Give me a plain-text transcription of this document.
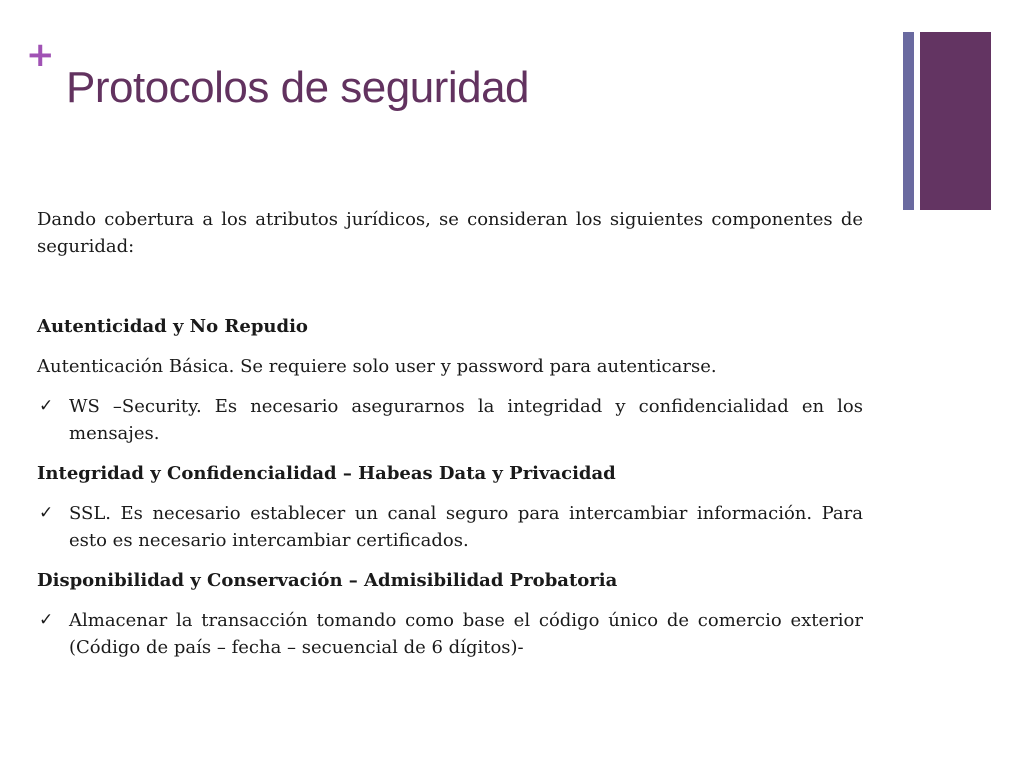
+
Protocolos de seguridad

Dando cobertura a los atributos jurídicos, se consideran los siguientes componentes de seguridad:

Autenticidad y No Repudio

Autenticación Básica. Se requiere solo user y password para autenticarse.

✓ WS –Security. Es necesario asegurarnos la integridad y confidencialidad en los mensajes.

Integridad y Confidencialidad – Habeas Data y Privacidad

✓ SSL. Es necesario establecer un canal seguro para intercambiar información. Para esto es necesario intercambiar certificados.

Disponibilidad y Conservación – Admisibilidad Probatoria

✓ Almacenar la transacción tomando como base el código único de comercio exterior (Código de país – fecha – secuencial de 6 dígitos)-
